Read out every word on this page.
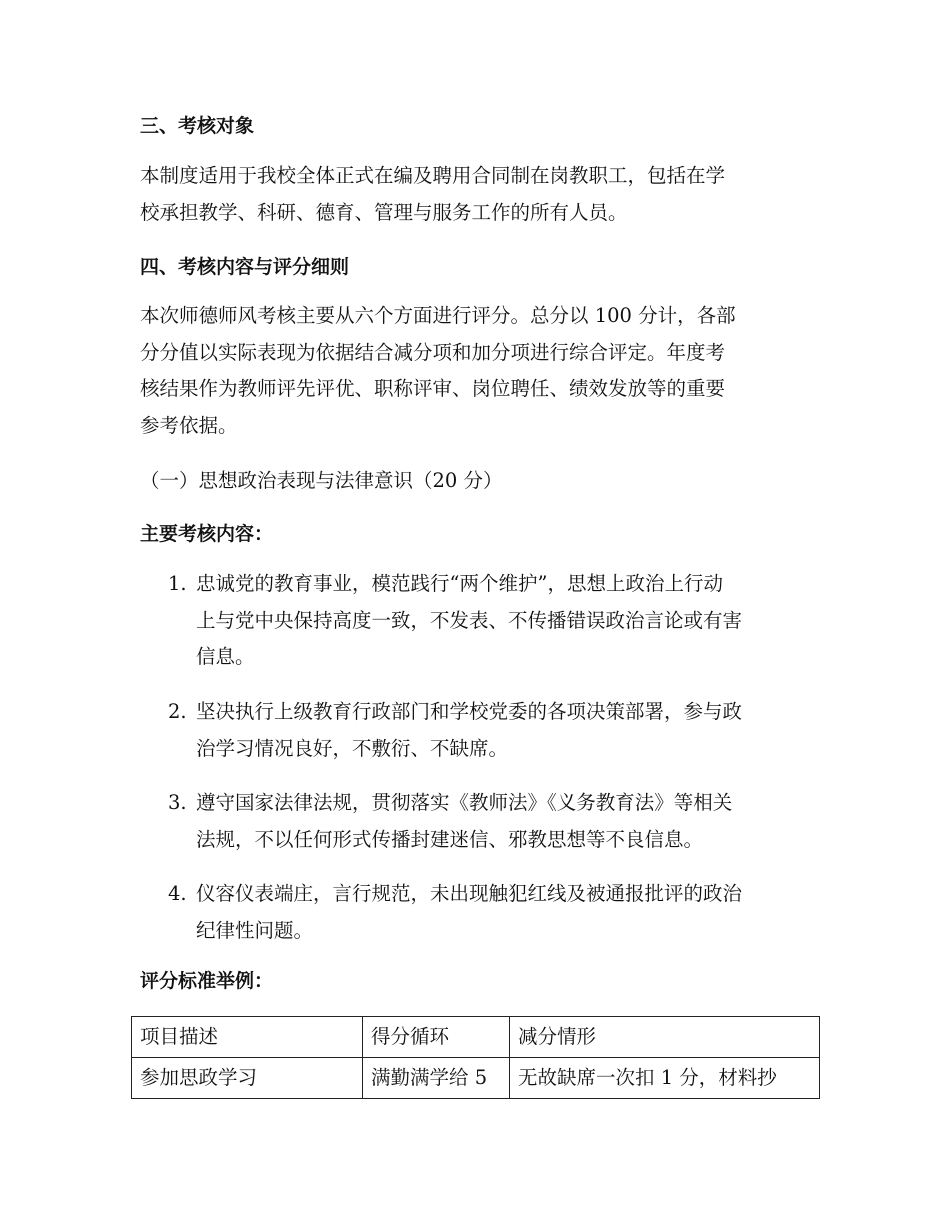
三、考核对象

本制度适用于我校全体正式在编及聘用合同制在岗教职工，包括在学
校承担教学、科研、德育、管理与服务工作的所有人员。

四、考核内容与评分细则

本次师德师风考核主要从六个方面进行评分。总分以 100 分计，各部
分分值以实际表现为依据结合减分项和加分项进行综合评定。年度考
核结果作为教师评先评优、职称评审、岗位聘任、绩效发放等的重要
参考依据。

（一）思想政治表现与法律意识（20 分）

主要考核内容：
1. 忠诚党的教育事业，模范践行“两个维护”，思想上政治上行动
上与党中央保持高度一致，不发表、不传播错误政治言论或有害
信息。
2. 坚决执行上级教育行政部门和学校党委的各项决策部署，参与政
治学习情况良好，不敷衍、不缺席。
3. 遵守国家法律法规，贯彻落实《教师法》《义务教育法》等相关
法规，不以任何形式传播封建迷信、邪教思想等不良信息。
4. 仪容仪表端庄，言行规范，未出现触犯红线及被通报批评的政治
纪律性问题。
评分标准举例：
项目描述	得分循环	减分情形
参加思政学习	满勤满学给 5	无故缺席一次扣 1 分，材料抄
